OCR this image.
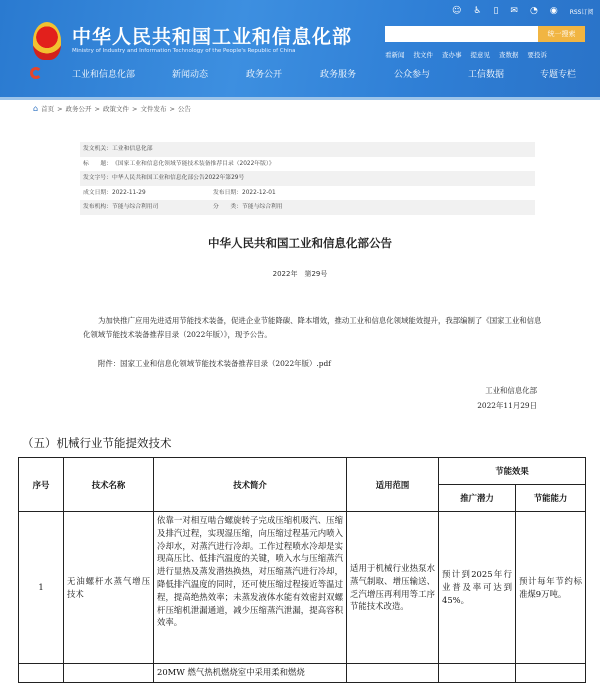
中华人民共和国工业和信息化部
Ministry of Industry and Information Technology of the People's Republic of China
☺ ♿ ▯ ✉ ◔ ◉ RSS订阅
统一搜索
看新闻 找文件 查办事 提意见 查数据 要投诉
工业和信息化部	新闻动态	政务公开	政务服务	公众参与	工信数据	专题专栏
⌂ 首页 > 政务公开 > 政策文件 > 文件发布 > 公告
发文机关： 工业和信息化部
标　　题： 《国家工业和信息化领域节能技术装备推荐目录（2022年版）》
发文字号： 中华人民共和国工业和信息化部公告2022年第29号
成文日期：2022-11-29	发布日期：2022-12-01
发布机构：节能与综合利用司	分　　类：节能与综合利用
中华人民共和国工业和信息化部公告
2022年　第29号
为加快推广应用先进适用节能技术装备，促进企业节能降碳、降本增效，推动工业和信息化领域能效提升，我部编制了《国家工业和信息化领域节能技术装备推荐目录（2022年版）》，现予公告。
附件：国家工业和信息化领域节能技术装备推荐目录（2022年版）.pdf
工业和信息化部
2022年11月29日
（五）机械行业节能提效技术
序号	技术名称	技术简介	适用范围	节能效果	
				推广潜力	节能能力
1	无油螺杆水蒸气增压技术	依靠一对相互啮合螺旋转子完成压缩机吸汽、压缩及排汽过程，实现湿压缩，向压缩过程基元内喷入冷却水，对蒸汽进行冷却。工作过程喷水冷却是实现高压比、低排汽温度的关键，喷入水与压缩蒸汽进行显热及蒸发潜热换热，对压缩蒸汽进行冷却，降低排汽温度的同时，还可使压缩过程接近等温过程，提高绝热效率；未蒸发液体水能有效密封双螺杆压缩机泄漏通道，减少压缩蒸汽泄漏，提高容积效率。	适用于机械行业热泵水蒸气制取、增压输送、乏汽增压再利用等工序节能技术改造。	预计到2025年行业普及率可达到45%。	预计每年节约标准煤9万吨。
		20MW 燃气热机燃烧室中采用柔和燃烧			
